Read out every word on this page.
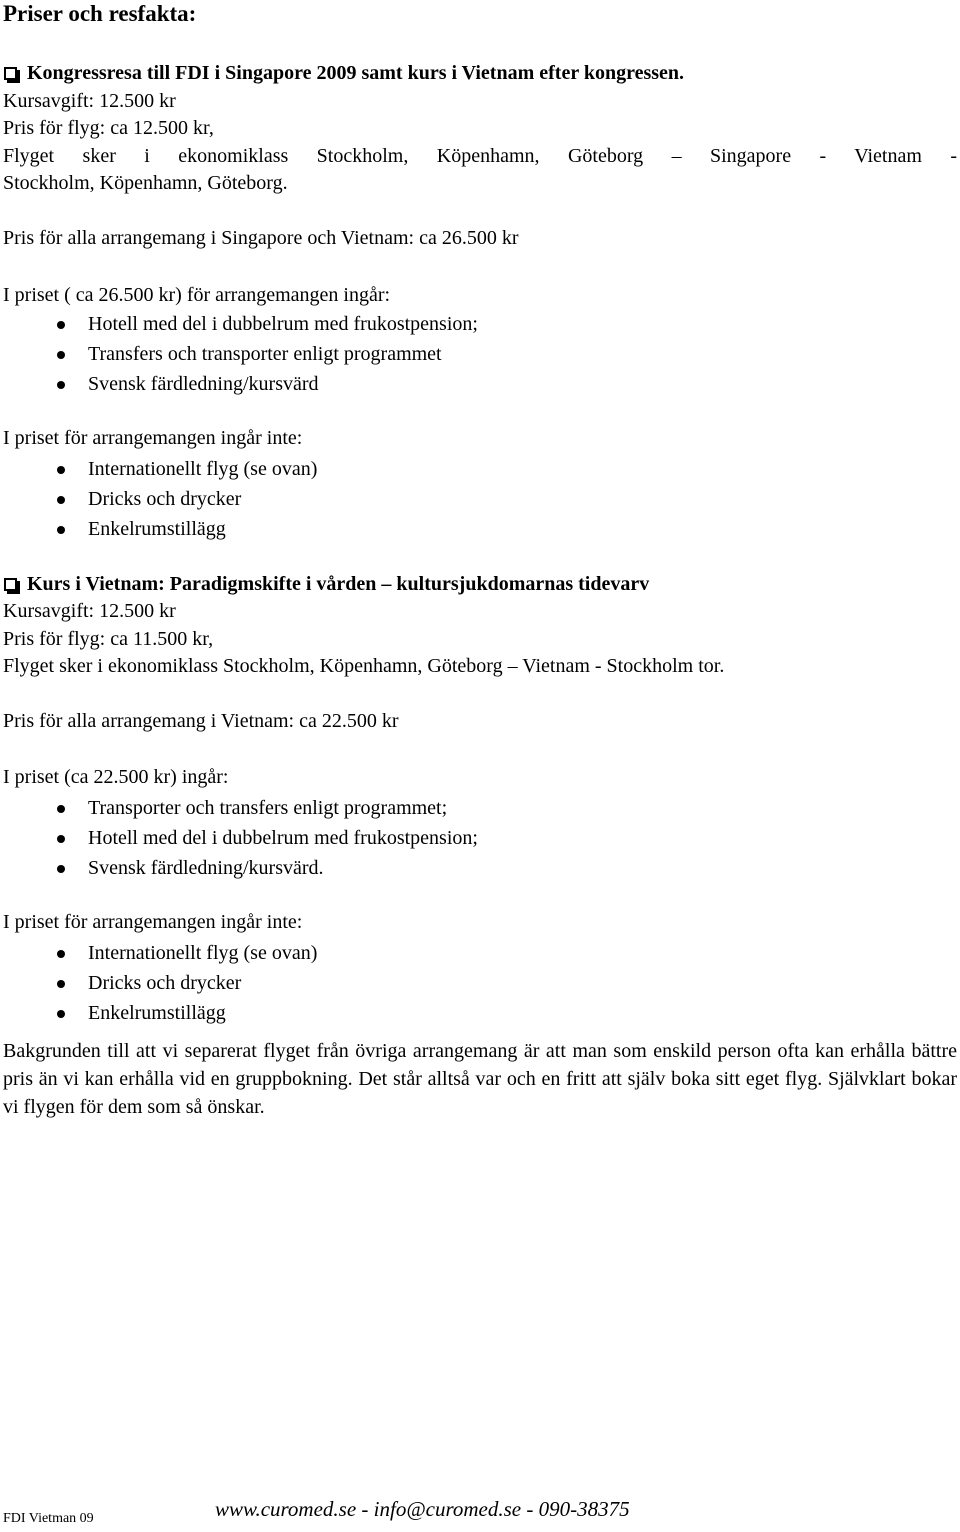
Priser och resfakta:
Kongressresa till FDI i Singapore 2009 samt kurs i Vietnam efter kongressen.
Kursavgift: 12.500 kr
Pris för flyg: ca 12.500 kr,
Flyget sker i ekonomiklass Stockholm, Köpenhamn, Göteborg – Singapore - Vietnam -
Stockholm, Köpenhamn, Göteborg.
Pris för alla arrangemang i Singapore och Vietnam: ca 26.500 kr
I priset ( ca 26.500 kr) för arrangemangen ingår:
Hotell med del i dubbelrum med frukostpension;
Transfers och transporter enligt programmet
Svensk färdledning/kursvärd
I priset för arrangemangen ingår inte:
Internationellt flyg (se ovan)
Dricks och drycker
Enkelrumstillägg
Kurs i Vietnam: Paradigmskifte i vården – kultursjukdomarnas tidevarv
Kursavgift: 12.500 kr
Pris för flyg: ca 11.500 kr,
Flyget sker i ekonomiklass Stockholm, Köpenhamn, Göteborg – Vietnam - Stockholm tor.
Pris för alla arrangemang i Vietnam: ca 22.500 kr
I priset (ca 22.500 kr) ingår:
Transporter och transfers enligt programmet;
Hotell med del i dubbelrum med frukostpension;
Svensk färdledning/kursvärd.
I priset för arrangemangen ingår inte:
Internationellt flyg (se ovan)
Dricks och drycker
Enkelrumstillägg

Bakgrunden till att vi separerat flyget från övriga arrangemang är att man som enskild person ofta kan erhålla bättre pris än vi kan erhålla vid en gruppbokning. Det står alltså var och en fritt att själv boka sitt eget flyg. Självklart bokar vi flygen för dem som så önskar.

FDI Vietman 09	www.curomed.se - info@curomed.se - 090-38375
